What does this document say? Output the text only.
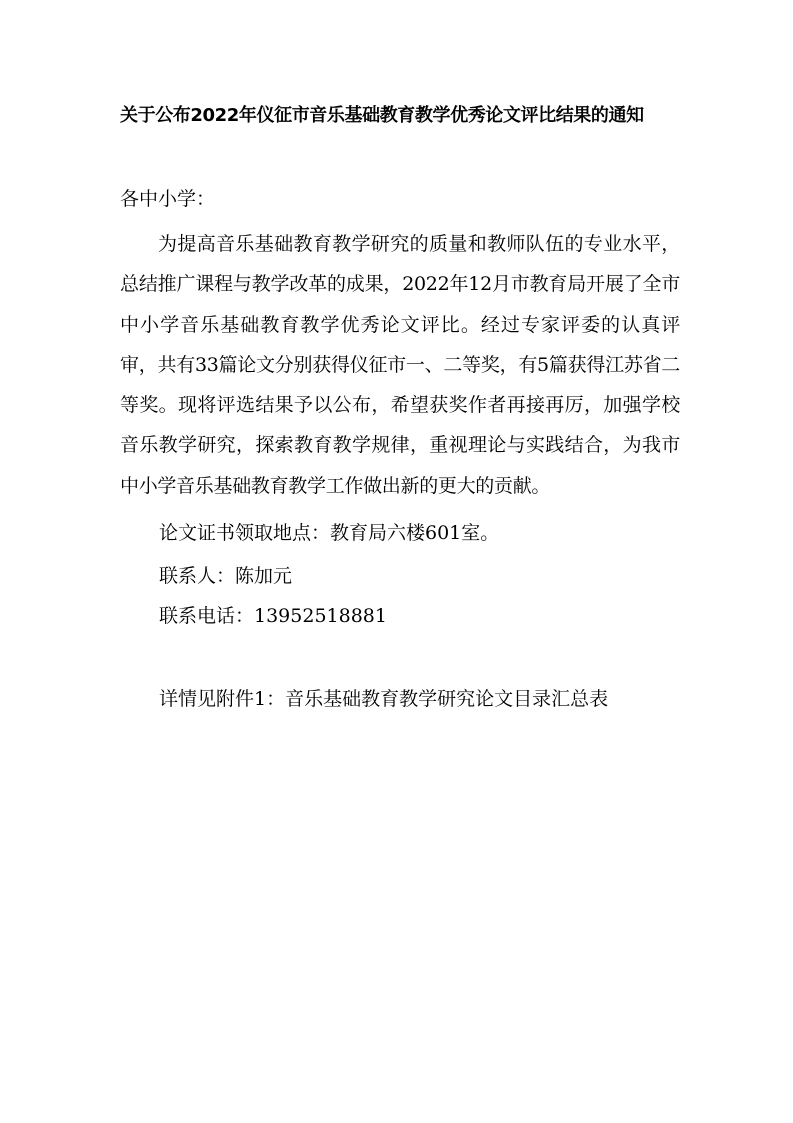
关于公布2022年仪征市音乐基础教育教学优秀论文评比结果的通知
各中小学：
为提高音乐基础教育教学研究的质量和教师队伍的专业水平，总结推广课程与教学改革的成果，2022年12月市教育局开展了全市中小学音乐基础教育教学优秀论文评比。经过专家评委的认真评审，共有33篇论文分别获得仪征市一、二等奖，有5篇获得江苏省二等奖。现将评选结果予以公布，希望获奖作者再接再厉，加强学校音乐教学研究，探索教育教学规律，重视理论与实践结合，为我市中小学音乐基础教育教学工作做出新的更大的贡献。
论文证书领取地点：教育局六楼601室。
联系人：陈加元
联系电话：13952518881
详情见附件1：音乐基础教育教学研究论文目录汇总表
